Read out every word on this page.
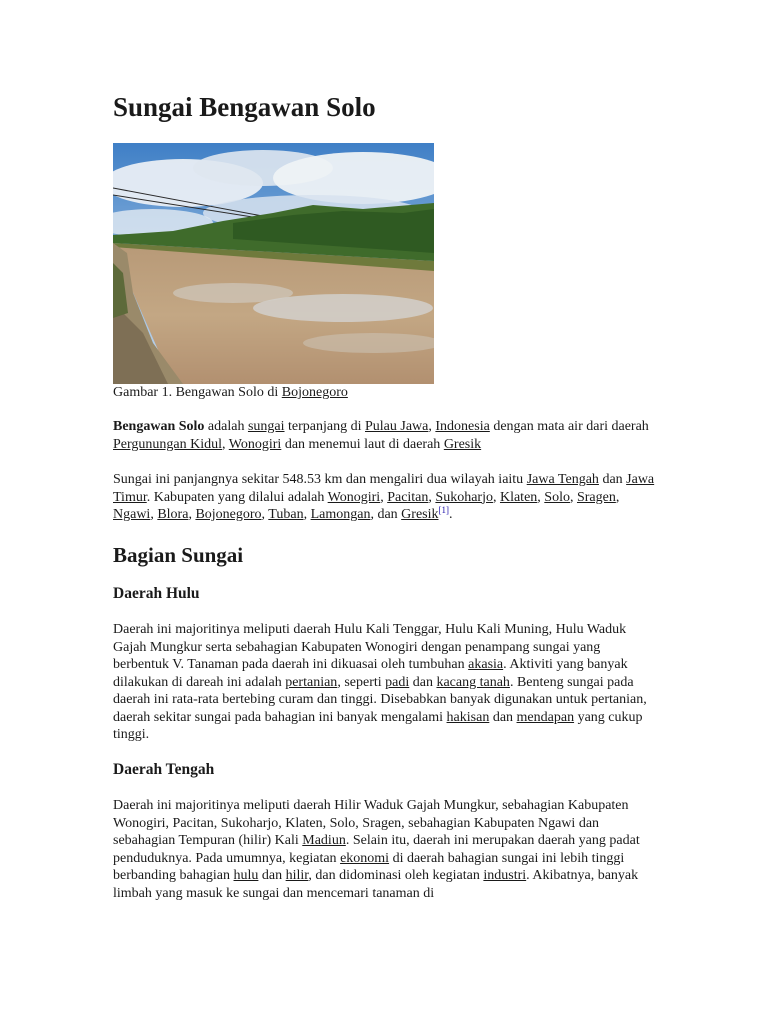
Sungai Bengawan Solo
Gambar 1. Bengawan Solo di Bojonegoro

Bengawan Solo adalah sungai terpanjang di Pulau Jawa, Indonesia dengan mata air dari daerah Pergunungan Kidul, Wonogiri dan menemui laut di daerah Gresik

Sungai ini panjangnya sekitar 548.53 km dan mengaliri dua wilayah iaitu Jawa Tengah dan Jawa Timur. Kabupaten yang dilalui adalah Wonogiri, Pacitan, Sukoharjo, Klaten, Solo, Sragen, Ngawi, Blora, Bojonegoro, Tuban, Lamongan, dan Gresik[1].

Bagian Sungai
Daerah Hulu

Daerah ini majoritinya meliputi daerah Hulu Kali Tenggar, Hulu Kali Muning, Hulu Waduk Gajah Mungkur serta sebahagian Kabupaten Wonogiri dengan penampang sungai yang berbentuk V. Tanaman pada daerah ini dikuasai oleh tumbuhan akasia. Aktiviti yang banyak dilakukan di dareah ini adalah pertanian, seperti padi dan kacang tanah. Benteng sungai pada daerah ini rata-rata bertebing curam dan tinggi. Disebabkan banyak digunakan untuk pertanian, daerah sekitar sungai pada bahagian ini banyak mengalami hakisan dan mendapan yang cukup tinggi.

Daerah Tengah

Daerah ini majoritinya meliputi daerah Hilir Waduk Gajah Mungkur, sebahagian Kabupaten Wonogiri, Pacitan, Sukoharjo, Klaten, Solo, Sragen, sebahagian Kabupaten Ngawi dan sebahagian Tempuran (hilir) Kali Madiun. Selain itu, daerah ini merupakan daerah yang padat penduduknya. Pada umumnya, kegiatan ekonomi di daerah bahagian sungai ini lebih tinggi berbanding bahagian hulu dan hilir, dan didominasi oleh kegiatan industri. Akibatnya, banyak limbah yang masuk ke sungai dan mencemari tanaman di
